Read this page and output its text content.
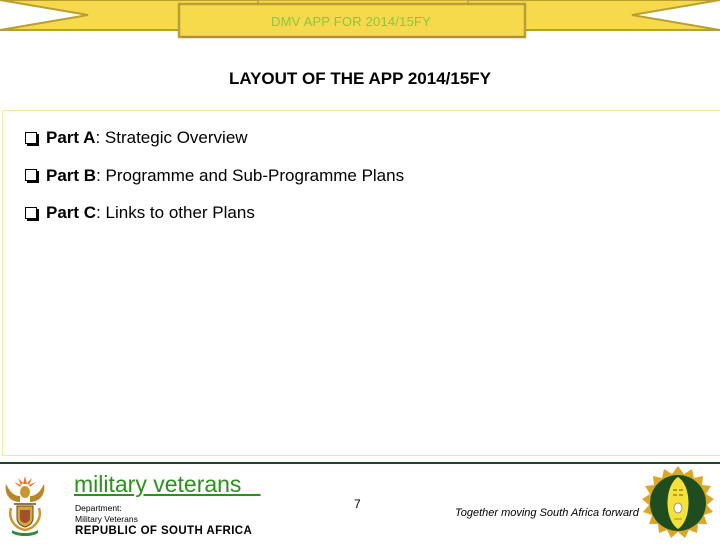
DMV APP FOR 2014/15FY
LAYOUT OF THE APP 2014/15FY
Part A : Strategic Overview
Part B : Programme and Sub-Programme Plans
Part C : Links to other Plans
military veterans
Department:
Military Veterans
REPUBLIC OF SOUTH AFRICA
7
Together moving South Africa forward
